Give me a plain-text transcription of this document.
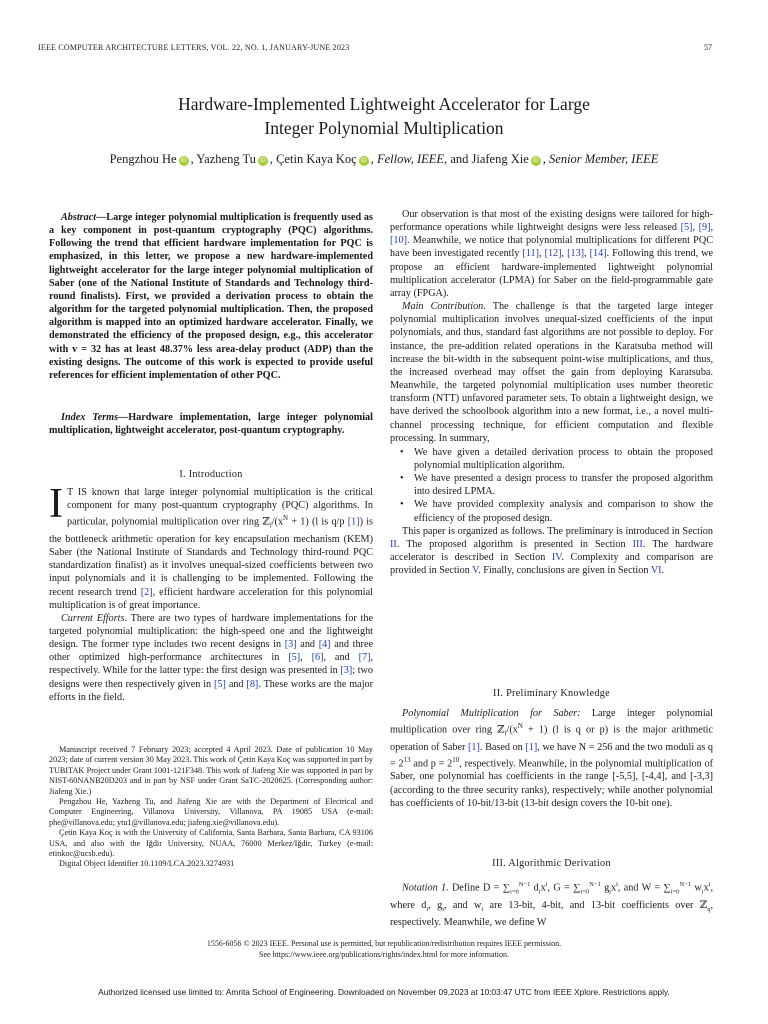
IEEE COMPUTER ARCHITECTURE LETTERS, VOL. 22, NO. 1, JANUARY-JUNE 2023	57
Hardware-Implemented Lightweight Accelerator for Large
Integer Polynomial Multiplication
Pengzhou He iD , Yazheng Tu iD , Çetin Kaya Koç iD , Fellow, IEEE, and Jiafeng Xie iD , Senior Member, IEEE

Abstract—Large integer polynomial multiplication is frequently used as a key component in post-quantum cryptography (PQC) algorithms. Following the trend that efficient hardware implementation for PQC is emphasized, in this letter, we propose a new hardware-implemented lightweight accelerator for the large integer polynomial multiplication of Saber (one of the National Institute of Standards and Technology third-round finalists). First, we provided a derivation process to obtain the algorithm for the targeted polynomial multiplication. Then, the proposed algorithm is mapped into an optimized hardware accelerator. Finally, we demonstrated the efficiency of the proposed design, e.g., this accelerator with v = 32 has at least 48.37% less area-delay product (ADP) than the existing designs. The outcome of this work is expected to provide useful references for efficient implementation of other PQC.

Index Terms—Hardware implementation, large integer polynomial multiplication, lightweight accelerator, post-quantum cryptography.

I. Introduction

I T IS known that large integer polynomial multiplication is the critical component for many post-quantum cryptography (PQC) algorithms. In particular, polynomial multiplication over ring $ℤ_l/(x^N + 1)$ (l is q/p [1]) is the bottleneck arithmetic operation for key encapsulation mechanism (KEM) Saber (the National Institute of Standards and Technology third-round PQC standardization finalist) as it involves unequal-sized coefficients between two input polynomials and it is challenging to be implemented. Following the recent research trend [2], efficient hardware acceleration for this polynomial multiplication is of great importance.

Current Efforts. There are two types of hardware implementations for the targeted polynomial multiplication: the high-speed one and the lightweight design. The former type includes two recent designs in [3] and [4] and three other optimized high-performance architectures in [5], [6], and [7], respectively. While for the latter type: the first design was presented in [3]; two designs were then respectively given in [5] and [8]. These works are the major efforts in the field.

Manuscript received 7 February 2023; accepted 4 April 2023. Date of publication 10 May 2023; date of current version 30 May 2023. This work of Çetin Kaya Koç was supported in part by TUBITAK Project under Grant 1001-121F348. This work of Jiafeng Xie was supported in part by NIST-60NANB20D203 and in part by NSF under Grant SaTC-2020625. (Corresponding author: Jiafeng Xie.)

Pengzhou He, Yazheng Tu, and Jiafeng Xie are with the Department of Electrical and Computer Engineering, Villanova University, Villanova, PA 19085 USA (e-mail: phe@villanova.edu; ytu1@villanova.edu; jiafeng.xie@villanova.edu).

Çetin Kaya Koç is with the University of California, Santa Barbara, Santa Barbara, CA 93106 USA, and also with the Iğdir University, NUAA, 76000 Merkez/Iğdir, Turkey (e-mail: etinkoc@ucsb.edu).

Digital Object Identifier 10.1109/LCA.2023.3274931

Our observation is that most of the existing designs were tailored for high-performance operations while lightweight designs were less released [5], [9], [10]. Meanwhile, we notice that polynomial multiplications for different PQC have been investigated recently [11], [12], [13], [14]. Following this trend, we propose an efficient hardware-implemented lightweight polynomial multiplication accelerator (LPMA) for Saber on the field-programmable gate array (FPGA).

Main Contribution. The challenge is that the targeted large integer polynomial multiplication involves unequal-sized coefficients of the input polynomials, and thus, standard fast algorithms are not possible to deploy. For instance, the pre-addition related operations in the Karatsuba method will increase the bit-width in the subsequent point-wise multiplications, and thus, the increased overhead may offset the gain from deploying Karatsuba. Meanwhile, the targeted polynomial multiplication uses number theoretic transform (NTT) unfavored parameter sets. To obtain a lightweight design, we have derived the schoolbook algorithm into a new format, i.e., a novel multi-channel processing technique, for efficient computation and flexible processing. In summary,

• We have given a detailed derivation process to obtain the proposed polynomial multiplication algorithm.
• We have presented a design process to transfer the proposed algorithm into desired LPMA.
• We have provided complexity analysis and comparison to show the efficiency of the proposed design.

This paper is organized as follows. The preliminary is introduced in Section II. The proposed algorithm is presented in Section III. The hardware accelerator is described in Section IV. Complexity and comparison are provided in Section V. Finally, conclusions are given in Section VI.

II. Preliminary Knowledge

Polynomial Multiplication for Saber: Large integer polynomial multiplication over ring $ℤ_l/(x^N + 1)$ (l is q or p) is the major arithmetic operation of Saber [1]. Based on [1], we have N = 256 and the two moduli as $q = 2^{13}$ and $p = 2^{10}$, respectively. Meanwhile, in the polynomial multiplication of Saber, one polynomial has coefficients in the range [-5,5], [-4,4], and [-3,3] (according to the three security ranks), respectively; while another polynomial has coefficients of 10-bit/13-bit (13-bit design covers the 10-bit one).

III. Algorithmic Derivation

Notation 1. Define $D = \sum_{i=0}^{N-1}$ $d_ix^i$, $G = \sum_{i=0}^{N-1}$ $g_ix^i$, and $W = \sum_{i=0}^{N-1}$ $w_ix^i$, where $d_i$, $g_i$, and $w_i$ are 13-bit, 4-bit, and 13-bit coefficients over ℤ$_q$, respectively. Meanwhile, we define W

1556-6056 © 2023 IEEE. Personal use is permitted, but republication/redistribution requires IEEE permission.
See https://www.ieee.org/publications/rights/index.html for more information.
Authorized licensed use limited to: Amrita School of Engineering. Downloaded on November 09,2023 at 10:03:47 UTC from IEEE Xplore. Restrictions apply.
